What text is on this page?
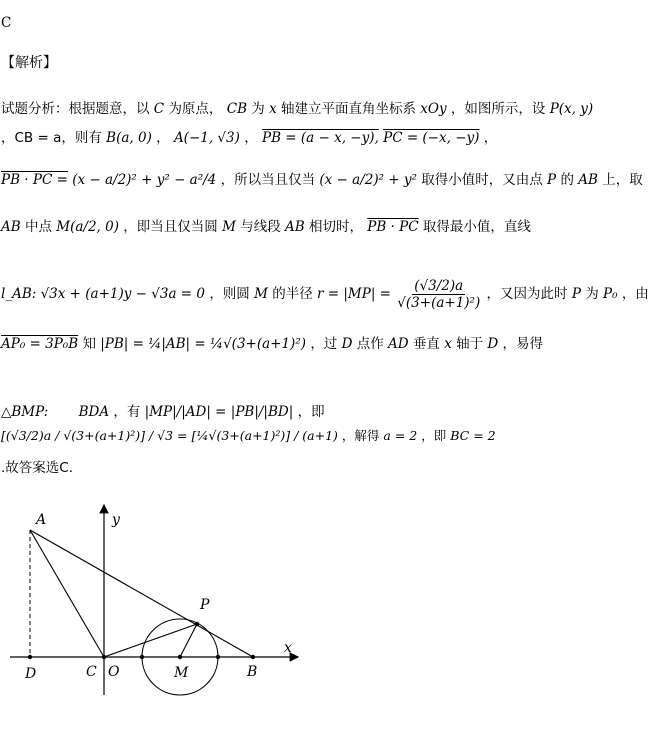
C
【解析】
试题分析：根据题意，以 C 为原点， CB 为 x 轴建立平面直角坐标系 xOy ，如图所示，设 P(x, y)
，CB = a，则有 B(a, 0) ， A(−1, √3) ， PB = (a − x, −y), PC = (−x, −y) ，
PB · PC = (x − a/2)² + y² − a²/4 ，所以当且仅当 (x − a/2)² + y² 取得小值时，又由点 P 的 AB 上，取
AB 中点 M(a/2, 0) ，即当且仅当圆 M 与线段 AB 相切时， PB · PC 取得最小值，直线
l_AB: √3x + (a+1)y − √3a = 0 ，则圆 M 的半径 $r = |MP| = \frac{(√3/2)a}{\text{√(3+(a+1)²)}}$ ，又因为此时 P 为 P₀ ，由
AP₀ = 3P₀B 知 |PB| = ¼|AB| = ¼√(3+(a+1)²) ，过 D 点作 AD 垂直 x 轴于 D ，易得
△BMP: BDA ，有 |MP|/|AD| = |PB|/|BD| ，即
[(√3/2)a / √(3+(a+1)²)] / √3 = [¼√(3+(a+1)²)] / (a+1) ，解得 a = 2 ，即 BC = 2
.故答案选C.
A
D	C O	M	B
P
x
y
